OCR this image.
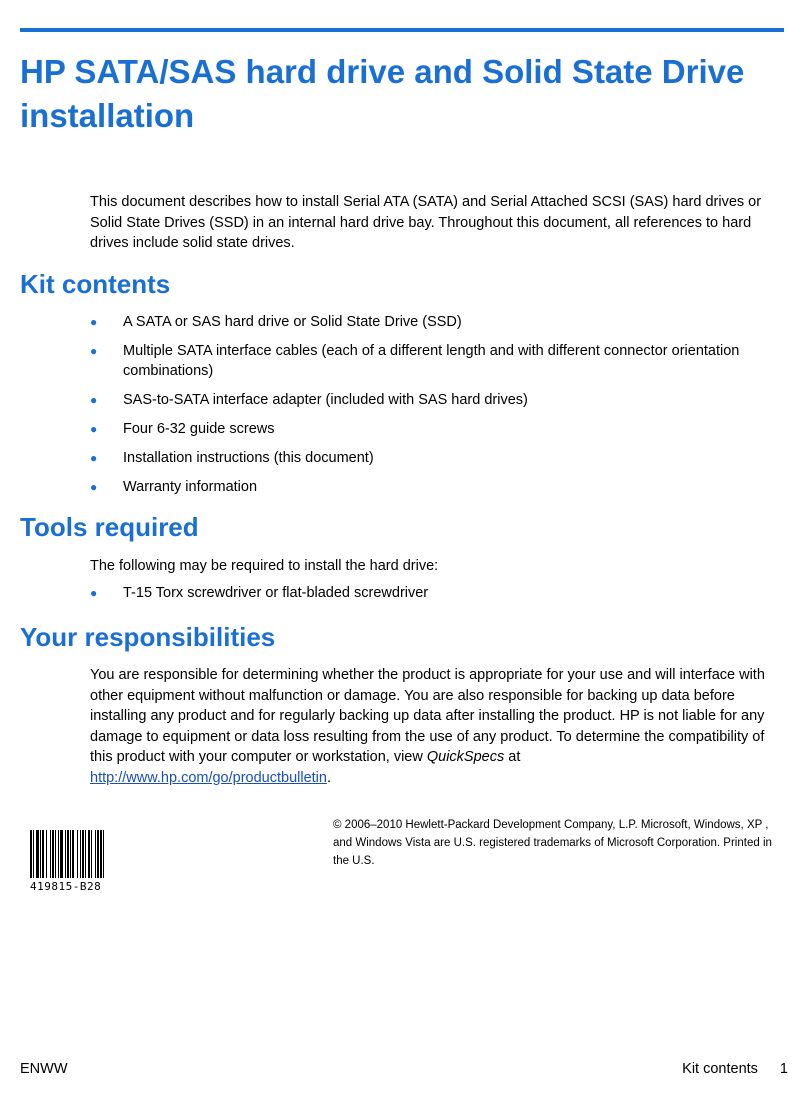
HP SATA/SAS hard drive and Solid State Drive installation

This document describes how to install Serial ATA (SATA) and Serial Attached SCSI (SAS) hard drives or Solid State Drives (SSD) in an internal hard drive bay. Throughout this document, all references to hard drives include solid state drives.

Kit contents
● A SATA or SAS hard drive or Solid State Drive (SSD)
● Multiple SATA interface cables (each of a different length and with different connector orientation combinations)
● SAS-to-SATA interface adapter (included with SAS hard drives)
● Four 6-32 guide screws
● Installation instructions (this document)
● Warranty information
Tools required

The following may be required to install the hard drive:

● T-15 Torx screwdriver or flat-bladed screwdriver
Your responsibilities

You are responsible for determining whether the product is appropriate for your use and will interface with other equipment without malfunction or damage. You are also responsible for backing up data before installing any product and for regularly backing up data after installing the product. HP is not liable for any damage to equipment or data loss resulting from the use of any product. To determine the compatibility of this product with your computer or workstation, view QuickSpecs at
http://www.hp.com/go/productbulletin.

419815-B28

© 2006–2010 Hewlett-Packard Development Company, L.P. Microsoft, Windows, XP , and Windows Vista are U.S. registered trademarks of Microsoft Corporation. Printed in the U.S.

ENWW	Kit contents 1
